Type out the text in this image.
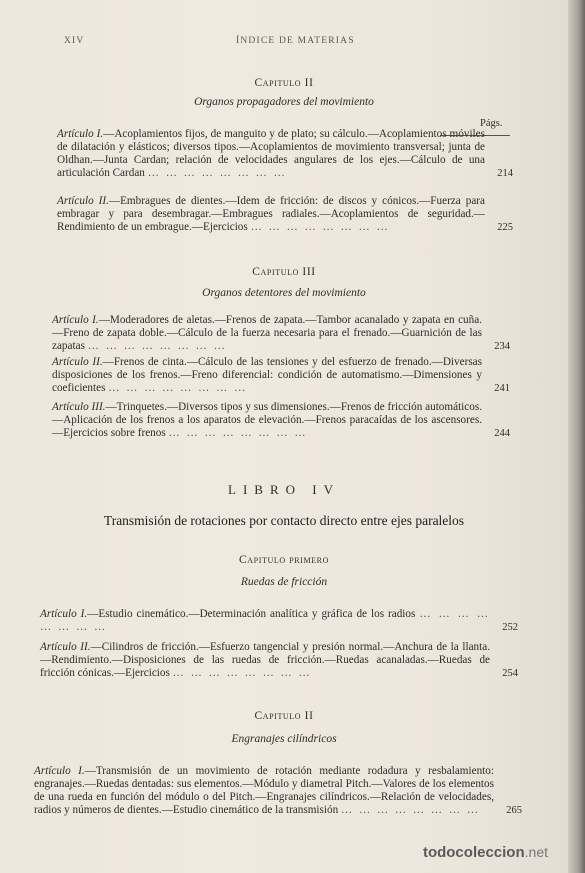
XIV	ÍNDICE DE MATERIAS
Capitulo II
Organos propagadores del movimiento
Págs.
Artículo I.—Acoplamientos fijos, de manguito y de plato; su cálculo.—Acoplamientos móviles de dilatación y elásticos; diversos tipos.—Acoplamientos de movimiento transversal; junta de Oldhan.—Junta Cardan; relación de velocidades angulares de los ejes.—Cálculo de una articulación Cardan … … … … … … … …	214
Artículo II.—Embragues de dientes.—Idem de fricción: de discos y cónicos.—Fuerza para embragar y para desembragar.—Embragues radiales.—Acoplamientos de seguridad.—Rendimiento de un embrague.—Ejercicios … … … … … … … …	225
Capitulo III
Organos detentores del movimiento
Artículo I.—Moderadores de aletas.—Frenos de zapata.—Tambor acanalado y zapata en cuña.—Freno de zapata doble.—Cálculo de la fuerza necesaria para el frenado.—Guarnición de las zapatas … … … … … … … …	234
Artículo II.—Frenos de cinta.—Cálculo de las tensiones y del esfuerzo de frenado.—Diversas disposiciones de los frenos.—Freno diferencial: condición de automatismo.—Dimensiones y coeficientes … … … … … … … …	241
Artículo III.—Trinquetes.—Diversos tipos y sus dimensiones.—Frenos de fricción automáticos.—Aplicación de los frenos a los aparatos de elevación.—Frenos paracaídas de los ascensores.—Ejercicios sobre frenos … … … … … … … …	244
LIBRO IV
Transmisión de rotaciones por contacto directo entre ejes paralelos
Capitulo primero
Ruedas de fricción
Artículo I.—Estudio cinemático.—Determinación analítica y gráfica de los radios … … … … … … … …	252
Artículo II.—Cilindros de fricción.—Esfuerzo tangencial y presión normal.—Anchura de la llanta.—Rendimiento.—Disposiciones de las ruedas de fricción.—Ruedas acanaladas.—Ruedas de fricción cónicas.—Ejercicios … … … … … … … …	254
Capitulo II
Engranajes cilíndricos
Artículo I.—Transmisión de un movimiento de rotación mediante rodadura y resbalamiento: engranajes.—Ruedas dentadas: sus elementos.—Módulo y diametral Pitch.—Valores de los elementos de una rueda en función del módulo o del Pitch.—Engranajes cilíndricos.—Relación de velocidades, radios y números de dientes.—Estudio cinemático de la transmisión … … … … … … … … 265
todocoleccion.net
